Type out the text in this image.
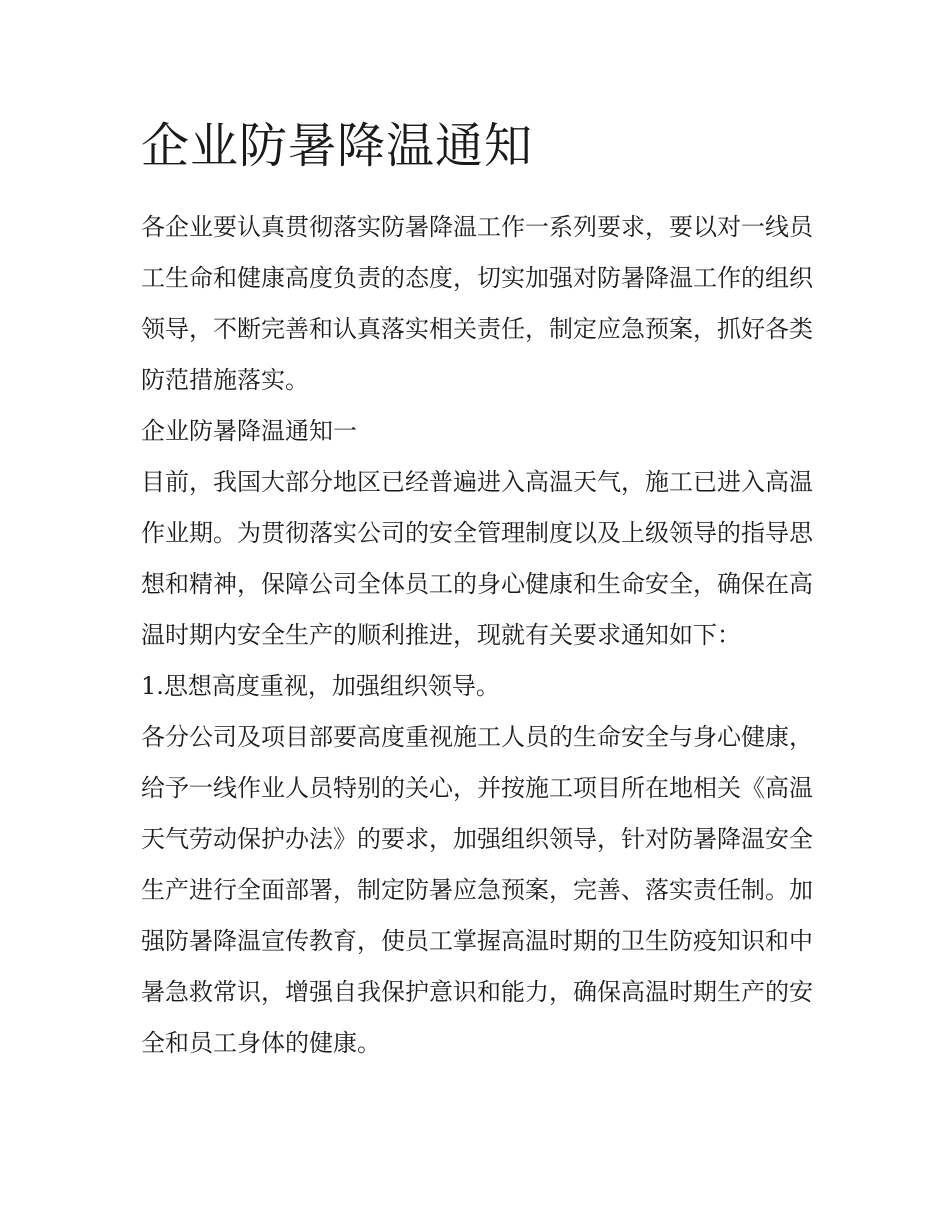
企业防暑降温通知

各企业要认真贯彻落实防暑降温工作一系列要求，要以对一线员工生命和健康高度负责的态度，切实加强对防暑降温工作的组织领导，不断完善和认真落实相关责任，制定应急预案，抓好各类防范措施落实。

企业防暑降温通知一

目前，我国大部分地区已经普遍进入高温天气，施工已进入高温作业期。为贯彻落实公司的安全管理制度以及上级领导的指导思想和精神，保障公司全体员工的身心健康和生命安全，确保在高温时期内安全生产的顺利推进，现就有关要求通知如下：

1.思想高度重视，加强组织领导。

各分公司及项目部要高度重视施工人员的生命安全与身心健康，给予一线作业人员特别的关心，并按施工项目所在地相关《高温天气劳动保护办法》的要求，加强组织领导，针对防暑降温安全生产进行全面部署，制定防暑应急预案，完善、落实责任制。加强防暑降温宣传教育，使员工掌握高温时期的卫生防疫知识和中暑急救常识，增强自我保护意识和能力，确保高温时期生产的安全和员工身体的健康。
